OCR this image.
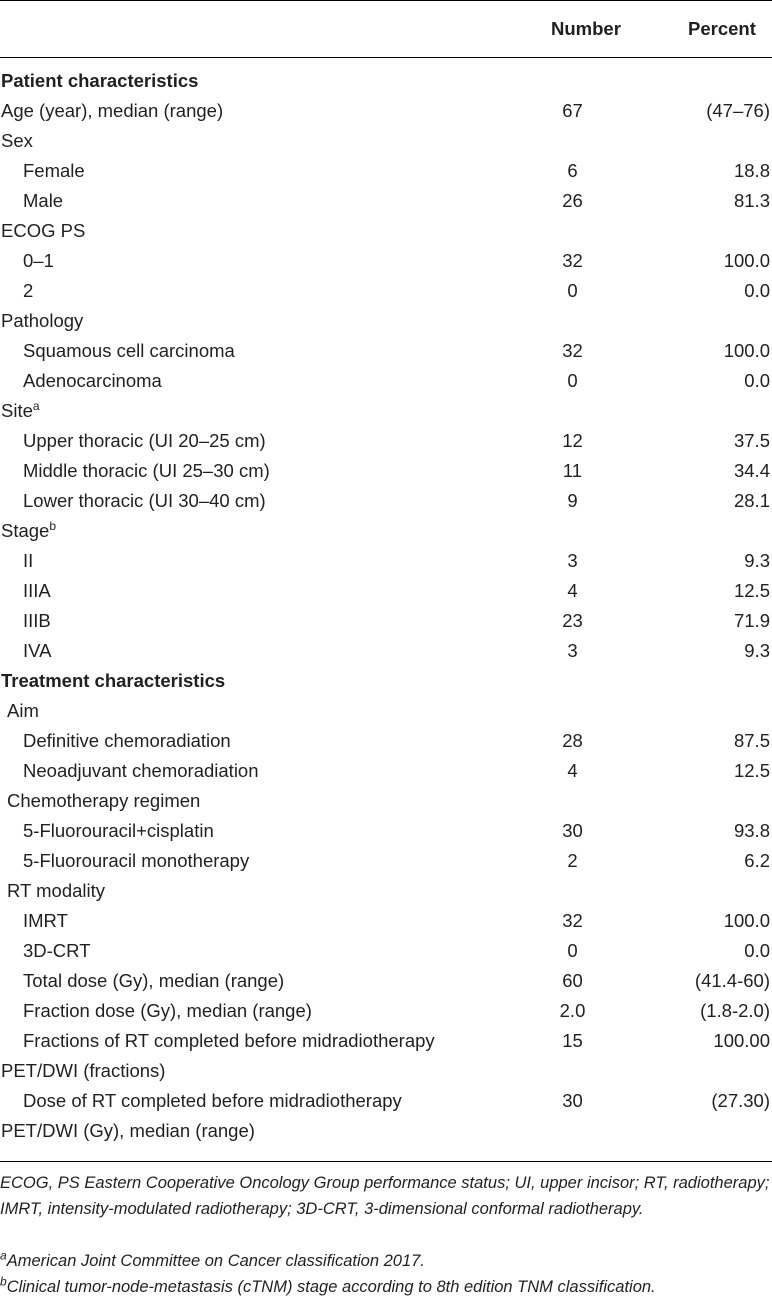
Number	Percent
Patient characteristics
Age (year), median (range)	67	(47–76)
Sex
Female	6	18.8
Male	26	81.3
ECOG PS
0–1	32	100.0
2	0	0.0
Pathology
Squamous cell carcinoma	32	100.0
Adenocarcinoma	0	0.0
Site$^a$
Upper thoracic (UI 20–25 cm)	12	37.5
Middle thoracic (UI 25–30 cm)	11	34.4
Lower thoracic (UI 30–40 cm)	9	28.1
Stage$^b$
II	3	9.3
IIIA	4	12.5
IIIB	23	71.9
IVA	3	9.3
Treatment characteristics
Aim
Definitive chemoradiation	28	87.5
Neoadjuvant chemoradiation	4	12.5
Chemotherapy regimen
5-Fluorouracil+cisplatin	30	93.8
5-Fluorouracil monotherapy	2	6.2
RT modality
IMRT	32	100.0
3D-CRT	0	0.0
Total dose (Gy), median (range)	60	(41.4-60)
Fraction dose (Gy), median (range)	2.0	(1.8-2.0)
Fractions of RT completed before midradiotherapy	15	100.00
PET/DWI (fractions)
Dose of RT completed before midradiotherapy	30	(27.30)
PET/DWI (Gy), median (range)
ECOG, PS Eastern Cooperative Oncology Group performance status; UI, upper incisor; RT, radiotherapy; IMRT, intensity-modulated radiotherapy; 3D-CRT, 3-dimensional conformal radiotherapy.
$^a$American Joint Committee on Cancer classification 2017.
$^b$Clinical tumor-node-metastasis (cTNM) stage according to 8th edition TNM classification.
